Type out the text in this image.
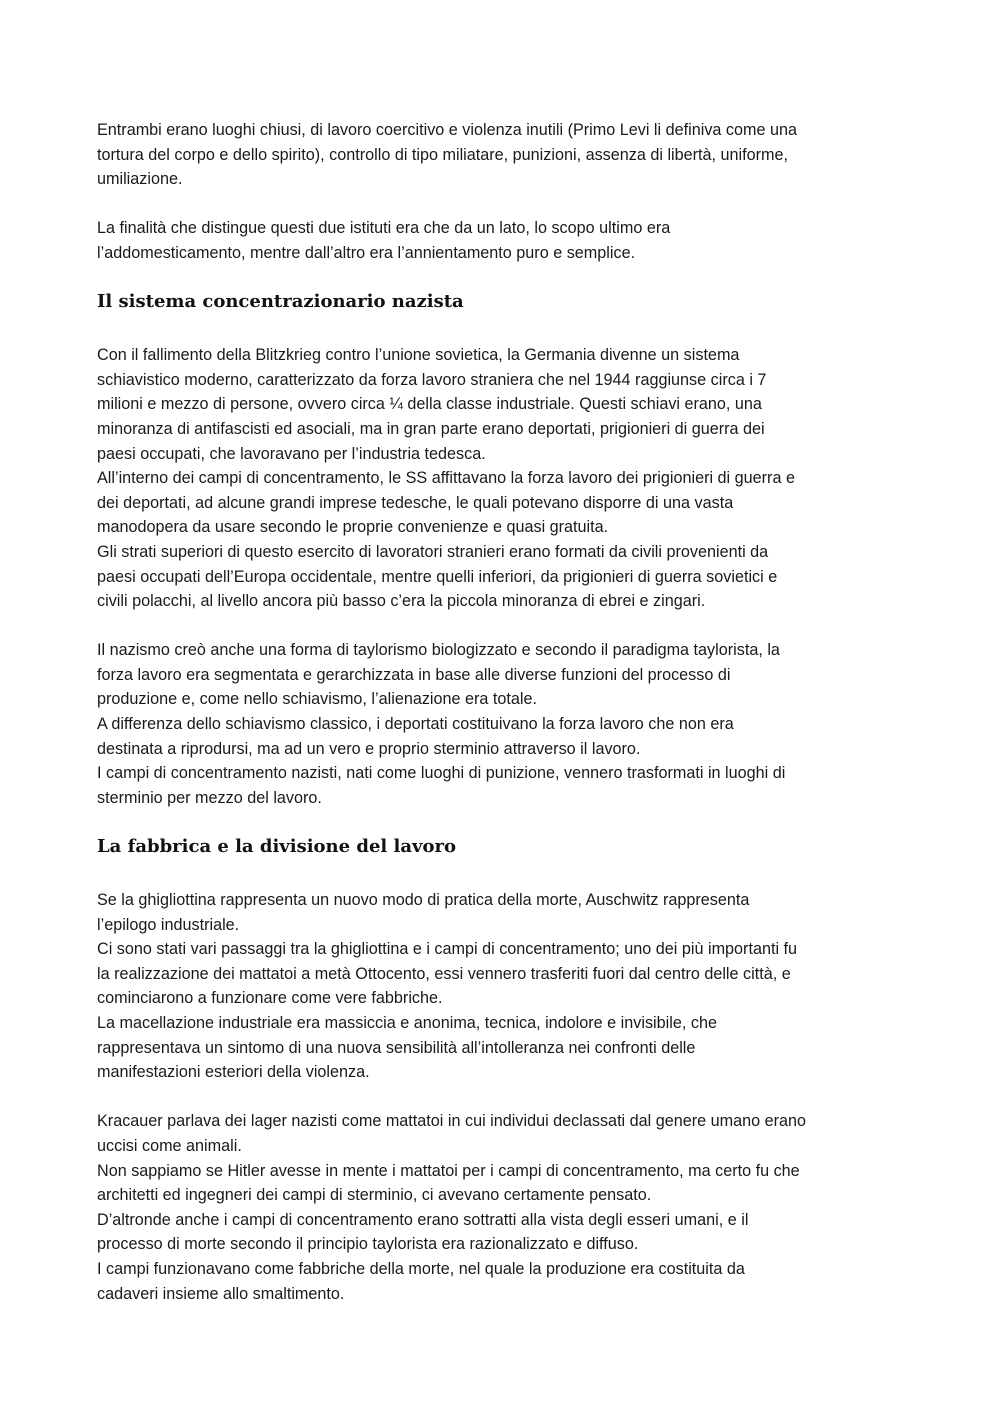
Entrambi erano luoghi chiusi, di lavoro coercitivo e violenza inutili (Primo Levi li definiva come una
tortura del corpo e dello spirito), controllo di tipo miliatare, punizioni, assenza di libertà, uniforme,
umiliazione.

La finalità che distingue questi due istituti era che da un lato, lo scopo ultimo era
l’addomesticamento, mentre dall’altro era l’annientamento puro e semplice.

Il sistema concentrazionario nazista

Con il fallimento della Blitzkrieg contro l’unione sovietica, la Germania divenne un sistema
schiavistico moderno, caratterizzato da forza lavoro straniera che nel 1944 raggiunse circa i 7
milioni e mezzo di persone, ovvero circa ¼ della classe industriale. Questi schiavi erano, una
minoranza di antifascisti ed asociali, ma in gran parte erano deportati, prigionieri di guerra dei
paesi occupati, che lavoravano per l’industria tedesca.
All’interno dei campi di concentramento, le SS affittavano la forza lavoro dei prigionieri di guerra e
dei deportati, ad alcune grandi imprese tedesche, le quali potevano disporre di una vasta
manodopera da usare secondo le proprie convenienze e quasi gratuita.
Gli strati superiori di questo esercito di lavoratori stranieri erano formati da civili provenienti da
paesi occupati dell’Europa occidentale, mentre quelli inferiori, da prigionieri di guerra sovietici e
civili polacchi, al livello ancora più basso c’era la piccola minoranza di ebrei e zingari.

Il nazismo creò anche una forma di taylorismo biologizzato e secondo il paradigma taylorista, la
forza lavoro era segmentata e gerarchizzata in base alle diverse funzioni del processo di
produzione e, come nello schiavismo, l’alienazione era totale.
A differenza dello schiavismo classico, i deportati costituivano la forza lavoro che non era
destinata a riprodursi, ma ad un vero e proprio sterminio attraverso il lavoro.
I campi di concentramento nazisti, nati come luoghi di punizione, vennero trasformati in luoghi di
sterminio per mezzo del lavoro.

La fabbrica e la divisione del lavoro

Se la ghigliottina rappresenta un nuovo modo di pratica della morte, Auschwitz rappresenta
l’epilogo industriale.
Ci sono stati vari passaggi tra la ghigliottina e i campi di concentramento; uno dei più importanti fu
la realizzazione dei mattatoi a metà Ottocento, essi vennero trasferiti fuori dal centro delle città, e
cominciarono a funzionare come vere fabbriche.
La macellazione industriale era massiccia e anonima, tecnica, indolore e invisibile, che
rappresentava un sintomo di una nuova sensibilità all’intolleranza nei confronti delle
manifestazioni esteriori della violenza.

Kracauer parlava dei lager nazisti come mattatoi in cui individui declassati dal genere umano erano
uccisi come animali.
Non sappiamo se Hitler avesse in mente i mattatoi per i campi di concentramento, ma certo fu che
architetti ed ingegneri dei campi di sterminio, ci avevano certamente pensato.
D’altronde anche i campi di concentramento erano sottratti alla vista degli esseri umani, e il
processo di morte secondo il principio taylorista era razionalizzato e diffuso.
I campi funzionavano come fabbriche della morte, nel quale la produzione era costituita da
cadaveri insieme allo smaltimento.
